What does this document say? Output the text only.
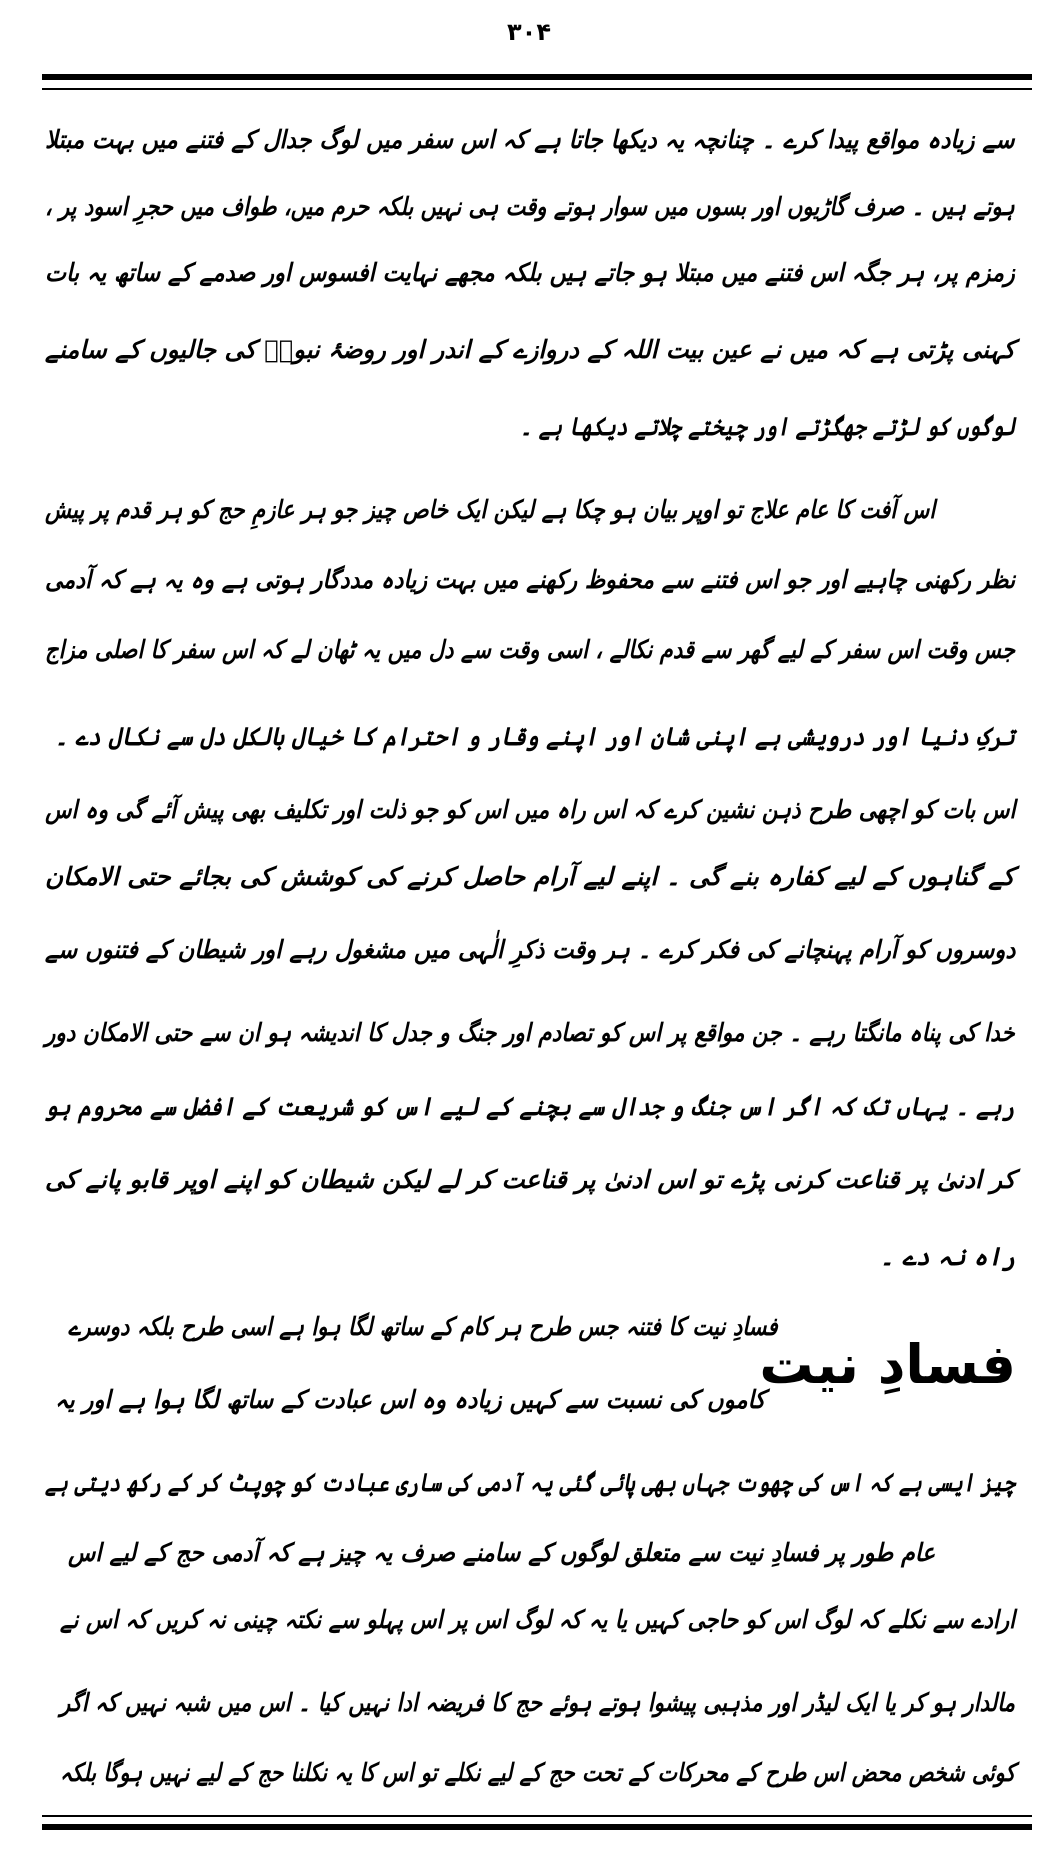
۳۰۴
سے زیادہ مواقع پیدا کرے ۔ چنانچہ یہ دیکھا جاتا ہے کہ اس سفر میں لوگ جدال کے فتنے میں بہت مبتلا
ہوتے ہیں ۔ صرف گاڑیوں اور بسوں میں سوار ہوتے وقت ہی نہیں بلکہ حرم میں، طواف میں حجرِ اسود پر ،
زمزم پر، ہر جگہ اس فتنے میں مبتلا ہو جاتے ہیں بلکہ مجھے نہایت افسوس اور صدمے کے ساتھ یہ بات
کہنی پڑتی ہے کہ میں نے عین بیت اللہ کے دروازے کے اندر اور روضۂ نبویؐ کی جالیوں کے سامنے
لوگوں کو لڑتے جھگڑتے اور چیختے چلاتے دیکھا ہے ۔
اس آفت کا عام علاج تو اوپر بیان ہو چکا ہے لیکن ایک خاص چیز جو ہر عازمِ حج کو ہر قدم پر پیش
نظر رکھنی چاہیے اور جو اس فتنے سے محفوظ رکھنے میں بہت زیادہ مددگار ہوتی ہے وہ یہ ہے کہ آدمی
جس وقت اس سفر کے لیے گھر سے قدم نکالے ، اسی وقت سے دل میں یہ ٹھان لے کہ اس سفر کا اصلی مزاج
ترکِ دنیا اور درویشی ہے اپنی شان اور اپنے وقار و احترام کا خیال بالکل دل سے نکال دے ۔
اس بات کو اچھی طرح ذہن نشین کرے کہ اس راہ میں اس کو جو ذلت اور تکلیف بھی پیش آئے گی وہ اس
کے گناہوں کے لیے کفارہ بنے گی ۔ اپنے لیے آرام حاصل کرنے کی کوشش کی بجائے حتی الامکان
دوسروں کو آرام پہنچانے کی فکر کرے ۔ ہر وقت ذکرِ الٰہی میں مشغول رہے اور شیطان کے فتنوں سے
خدا کی پناہ مانگتا رہے ۔ جن مواقع پر اس کو تصادم اور جنگ و جدل کا اندیشہ ہو ان سے حتی الامکان دور
رہے ۔ یہاں تک کہ اگر اس جنگ و جدال سے بچنے کے لیے اس کو شریعت کے افضل سے محروم ہو
کر ادنیٰ پر قناعت کرنی پڑے تو اس ادنیٰ پر قناعت کر لے لیکن شیطان کو اپنے اوپر قابو پانے کی
راہ نہ دے ۔
فسادِ نیت کا فتنہ جس طرح ہر کام کے ساتھ لگا ہوا ہے اسی طرح بلکہ دوسرے
کاموں کی نسبت سے کہیں زیادہ وہ اس عبادت کے ساتھ لگا ہوا ہے اور یہ
چیز ایسی ہے کہ اس کی چھوت جہاں بھی پائی گئی یہ آدمی کی ساری عبادت کو چوپٹ کر کے رکھ دیتی ہے
عام طور پر فسادِ نیت سے متعلق لوگوں کے سامنے صرف یہ چیز ہے کہ آدمی حج کے لیے اس
ارادے سے نکلے کہ لوگ اس کو حاجی کہیں یا یہ کہ لوگ اس پر اس پہلو سے نکتہ چینی نہ کریں کہ اس نے
مالدار ہو کر یا ایک لیڈر اور مذہبی پیشوا ہوتے ہوئے حج کا فریضہ ادا نہیں کیا ۔ اس میں شبہ نہیں کہ اگر
کوئی شخص محض اس طرح کے محرکات کے تحت حج کے لیے نکلے تو اس کا یہ نکلنا حج کے لیے نہیں ہوگا بلکہ
فسادِ نیت
